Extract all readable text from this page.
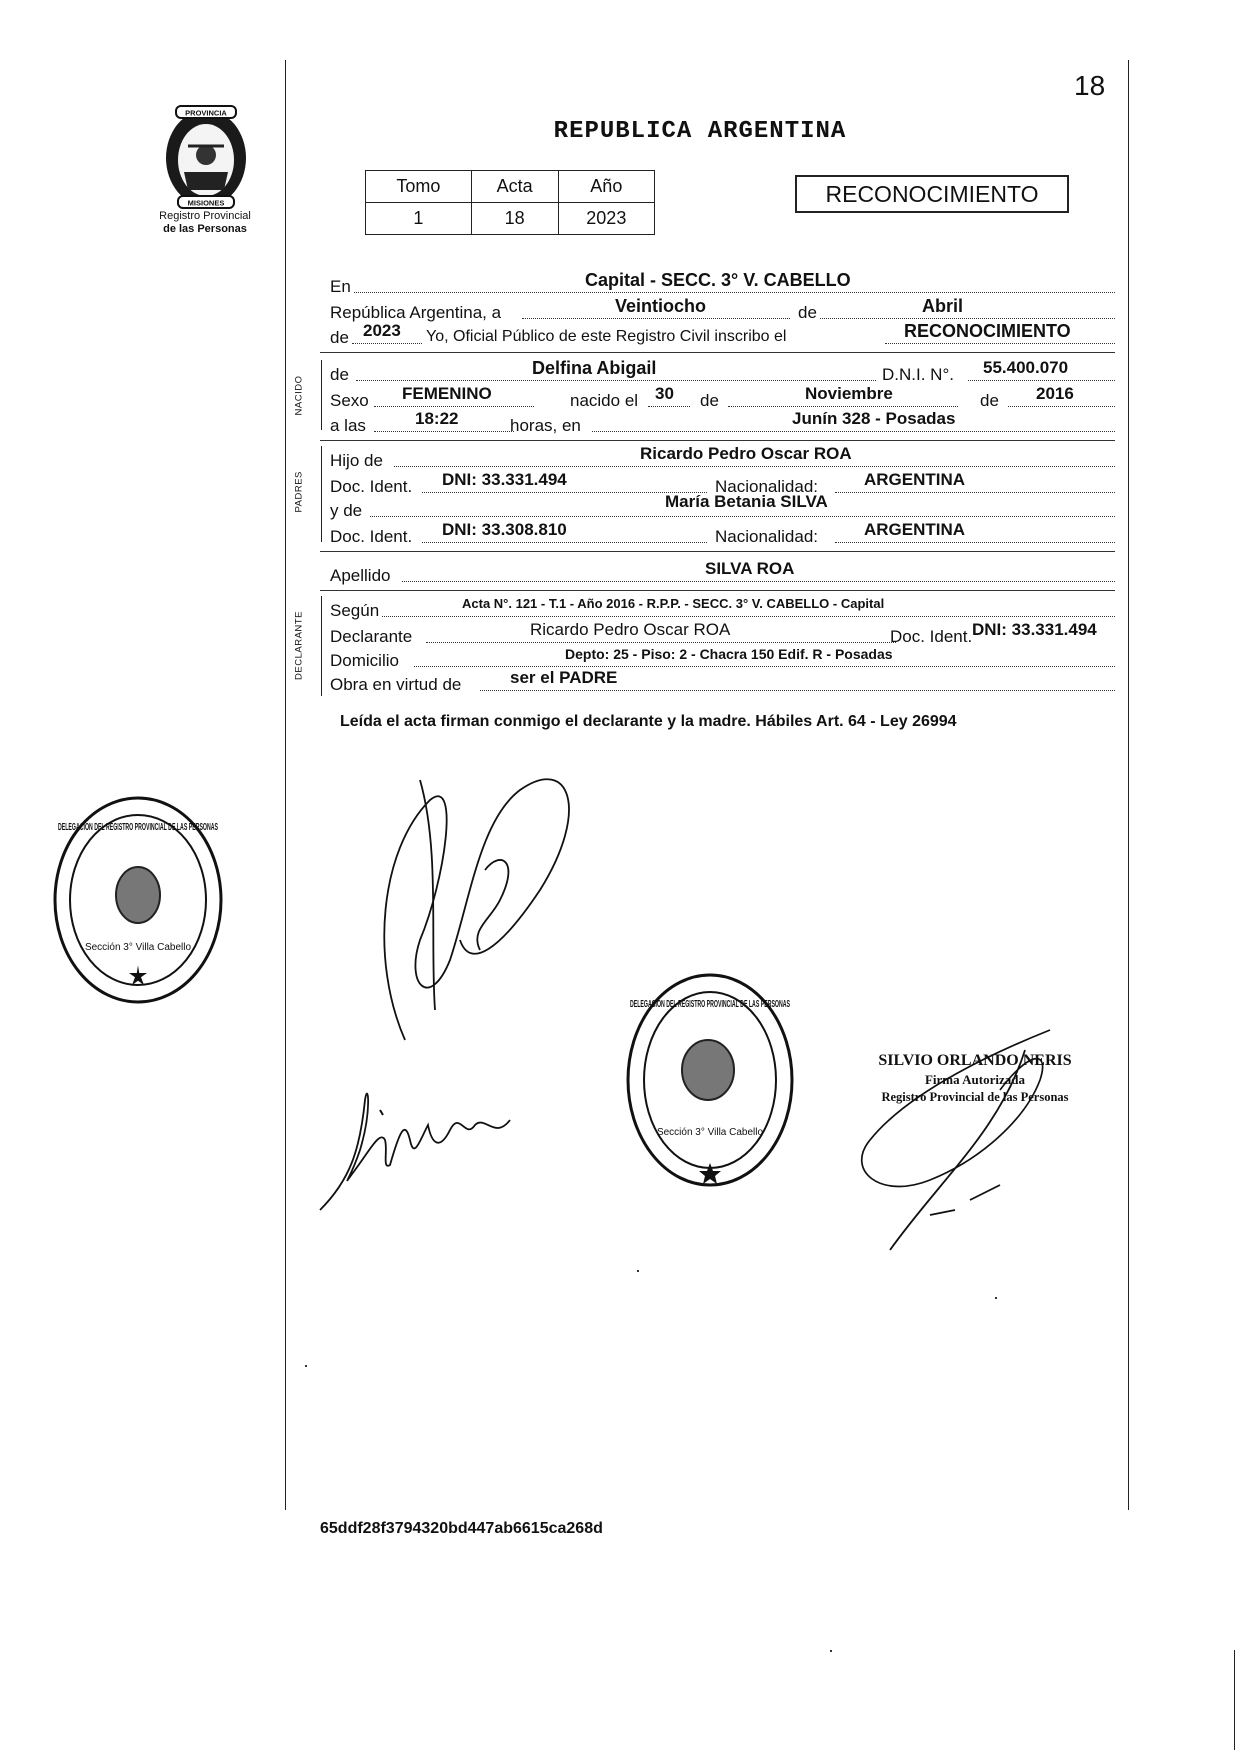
18
PROVINCIA
MISIONES
Registro Provincial
de las Personas
REPUBLICA ARGENTINA
Tomo	Acta	Año
1	18	2023
RECONOCIMIENTO
En	Capital - SECC. 3° V. CABELLO
República Argentina, a	Veintiocho	de	Abril
de 2023 Yo, Oficial Público de este Registro Civil inscribo el	RECONOCIMIENTO
NACIDO
de	Delfina Abigail	D.N.I. N°. 55.400.070
Sexo FEMENINO	nacido el 30 de	Noviembre	de 2016
a las	18:22	horas, en	Junín 328 - Posadas
PADRES
Hijo de	Ricardo Pedro Oscar ROA
Doc. Ident. DNI: 33.331.494	Nacionalidad:	ARGENTINA
y de	María Betania SILVA
Doc. Ident. DNI: 33.308.810	Nacionalidad:	ARGENTINA
Apellido	SILVA ROA
DECLARANTE
Según	Acta N°. 121 - T.1 - Año 2016 - R.P.P. - SECC. 3° V. CABELLO - Capital
Declarante	Ricardo Pedro Oscar ROA	Doc. Ident. DNI: 33.331.494
Domicilio	Depto: 25 - Piso: 2 - Chacra 150 Edif. R - Posadas
Obra en virtud de	ser el PADRE
Leída el acta firman conmigo el declarante y la madre. Hábiles Art. 64 - Ley 26994
DELEGACION DEL REGISTRO PROVINCIAL DE LAS PERSONAS
Sección 3° Villa Cabello
DELEGACION DEL REGISTRO PROVINCIAL DE LAS PERSONAS
Sección 3° Villa Cabello
SILVIO ORLANDO NERIS
Firma Autorizada
Registro Provincial de las Personas
65ddf28f3794320bd447ab6615ca268d
